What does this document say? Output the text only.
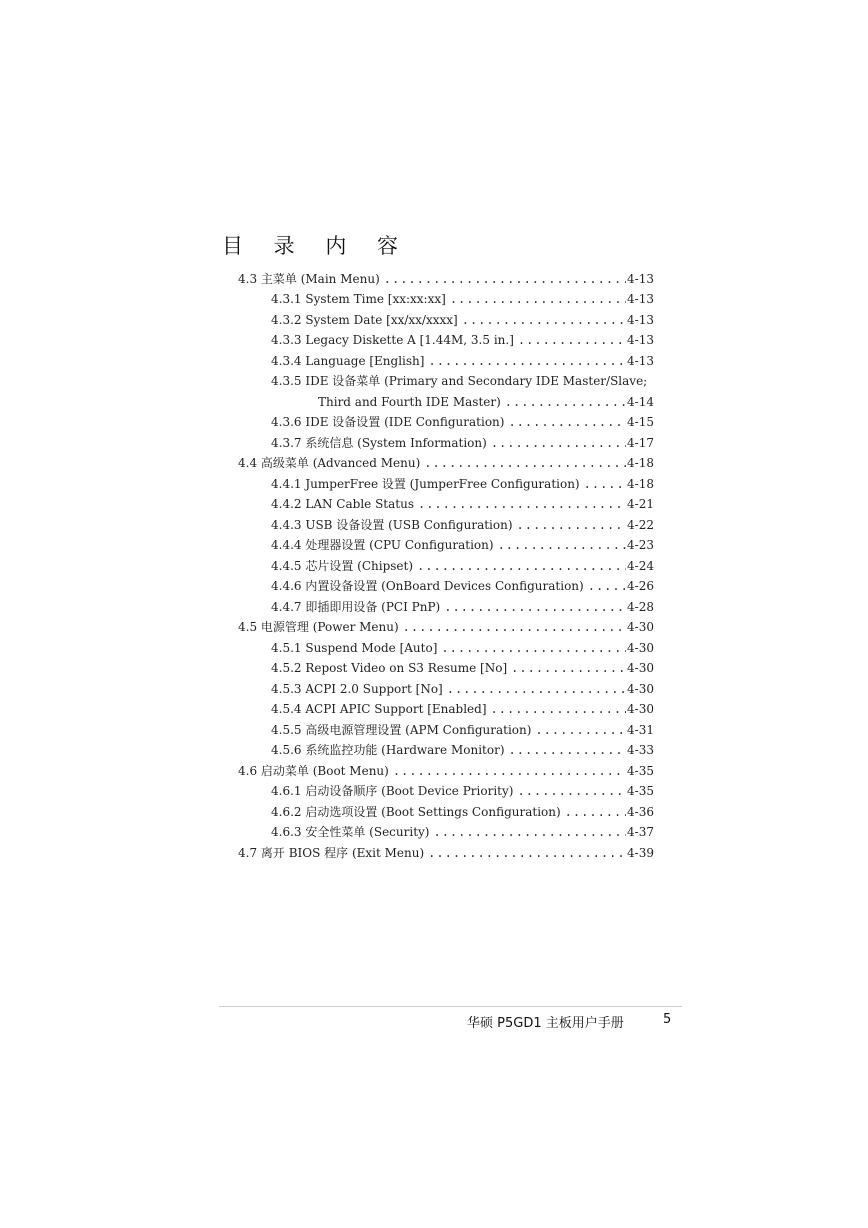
目 录 内 容
4.3 主菜单 (Main Menu) .....	4-13
4.3.1 System Time [xx:xx:xx] .....	4-13
4.3.2 System Date [xx/xx/xxxx] .....	4-13
4.3.3 Legacy Diskette A [1.44M, 3.5 in.] .....	4-13
4.3.4 Language [English] .....	4-13
4.3.5 IDE 设备菜单 (Primary and Secondary IDE Master/Slave;
Third and Fourth IDE Master) .....	4-14
4.3.6 IDE 设备设置 (IDE Configuration) .....	4-15
4.3.7 系统信息 (System Information) .....	4-17
4.4 高级菜单 (Advanced Menu) .....	4-18
4.4.1 JumperFree 设置 (JumperFree Configuration) .....	4-18
4.4.2 LAN Cable Status .....	4-21
4.4.3 USB 设备设置 (USB Configuration) .....	4-22
4.4.4 处理器设置 (CPU Configuration) .....	4-23
4.4.5 芯片设置 (Chipset) .....	4-24
4.4.6 内置设备设置 (OnBoard Devices Configuration) .....	4-26
4.4.7 即插即用设备 (PCI PnP) .....	4-28
4.5 电源管理 (Power Menu) .....	4-30
4.5.1 Suspend Mode [Auto] .....	4-30
4.5.2 Repost Video on S3 Resume [No] .....	4-30
4.5.3 ACPI 2.0 Support [No] .....	4-30
4.5.4 ACPI APIC Support [Enabled] .....	4-30
4.5.5 高级电源管理设置 (APM Configuration) .....	4-31
4.5.6 系统监控功能 (Hardware Monitor) .....	4-33
4.6 启动菜单 (Boot Menu) .....	4-35
4.6.1 启动设备顺序 (Boot Device Priority) .....	4-35
4.6.2 启动选项设置 (Boot Settings Configuration) .....	4-36
4.6.3 安全性菜单 (Security) .....	4-37
4.7 离开 BIOS 程序 (Exit Menu) .....	4-39
华硕 P5GD1 主板用户手册	5
